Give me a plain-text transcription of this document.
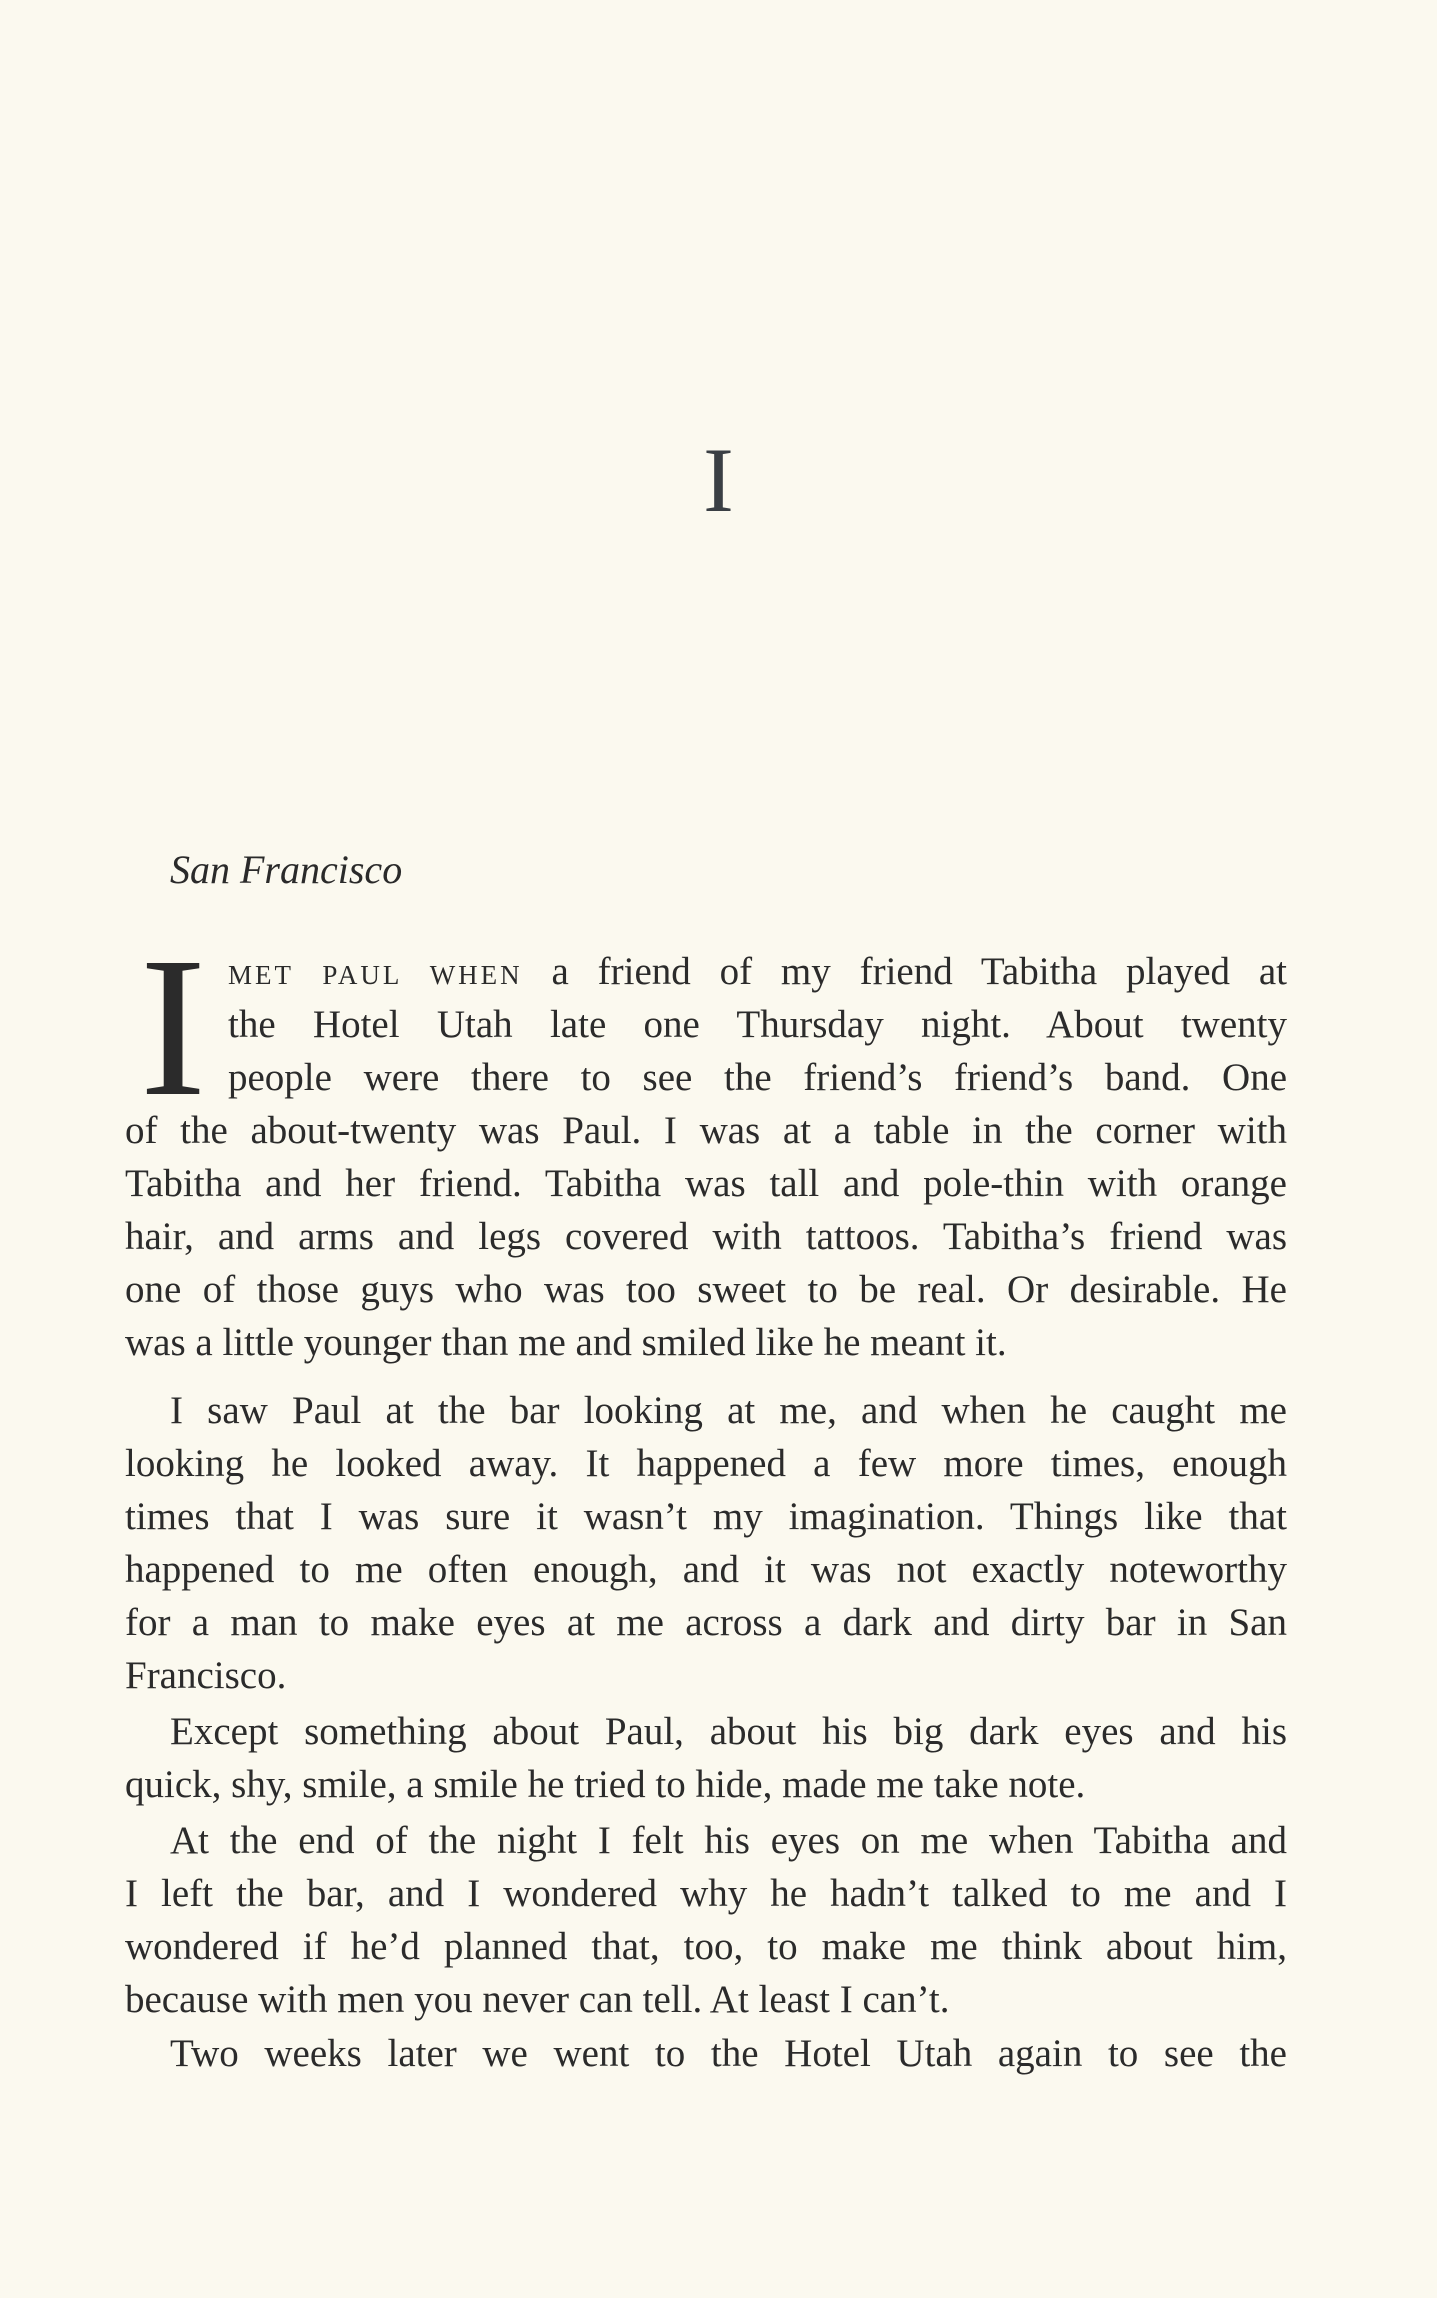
I
San Francisco
I MET PAUL WHEN a friend of my friend Tabitha played at
the Hotel Utah late one Thursday night. About twenty
people were there to see the friend’s friend’s band. One
of the about-twenty was Paul. I was at a table in the corner with
Tabitha and her friend. Tabitha was tall and pole-thin with orange
hair, and arms and legs covered with tattoos. Tabitha’s friend was
one of those guys who was too sweet to be real. Or desirable. He
was a little younger than me and smiled like he meant it.
I saw Paul at the bar looking at me, and when he caught me
looking he looked away. It happened a few more times, enough
times that I was sure it wasn’t my imagination. Things like that
happened to me often enough, and it was not exactly noteworthy
for a man to make eyes at me across a dark and dirty bar in San
Francisco.
Except something about Paul, about his big dark eyes and his
quick, shy, smile, a smile he tried to hide, made me take note.
At the end of the night I felt his eyes on me when Tabitha and
I left the bar, and I wondered why he hadn’t talked to me and I
wondered if he’d planned that, too, to make me think about him,
because with men you never can tell. At least I can’t.
Two weeks later we went to the Hotel Utah again to see the
